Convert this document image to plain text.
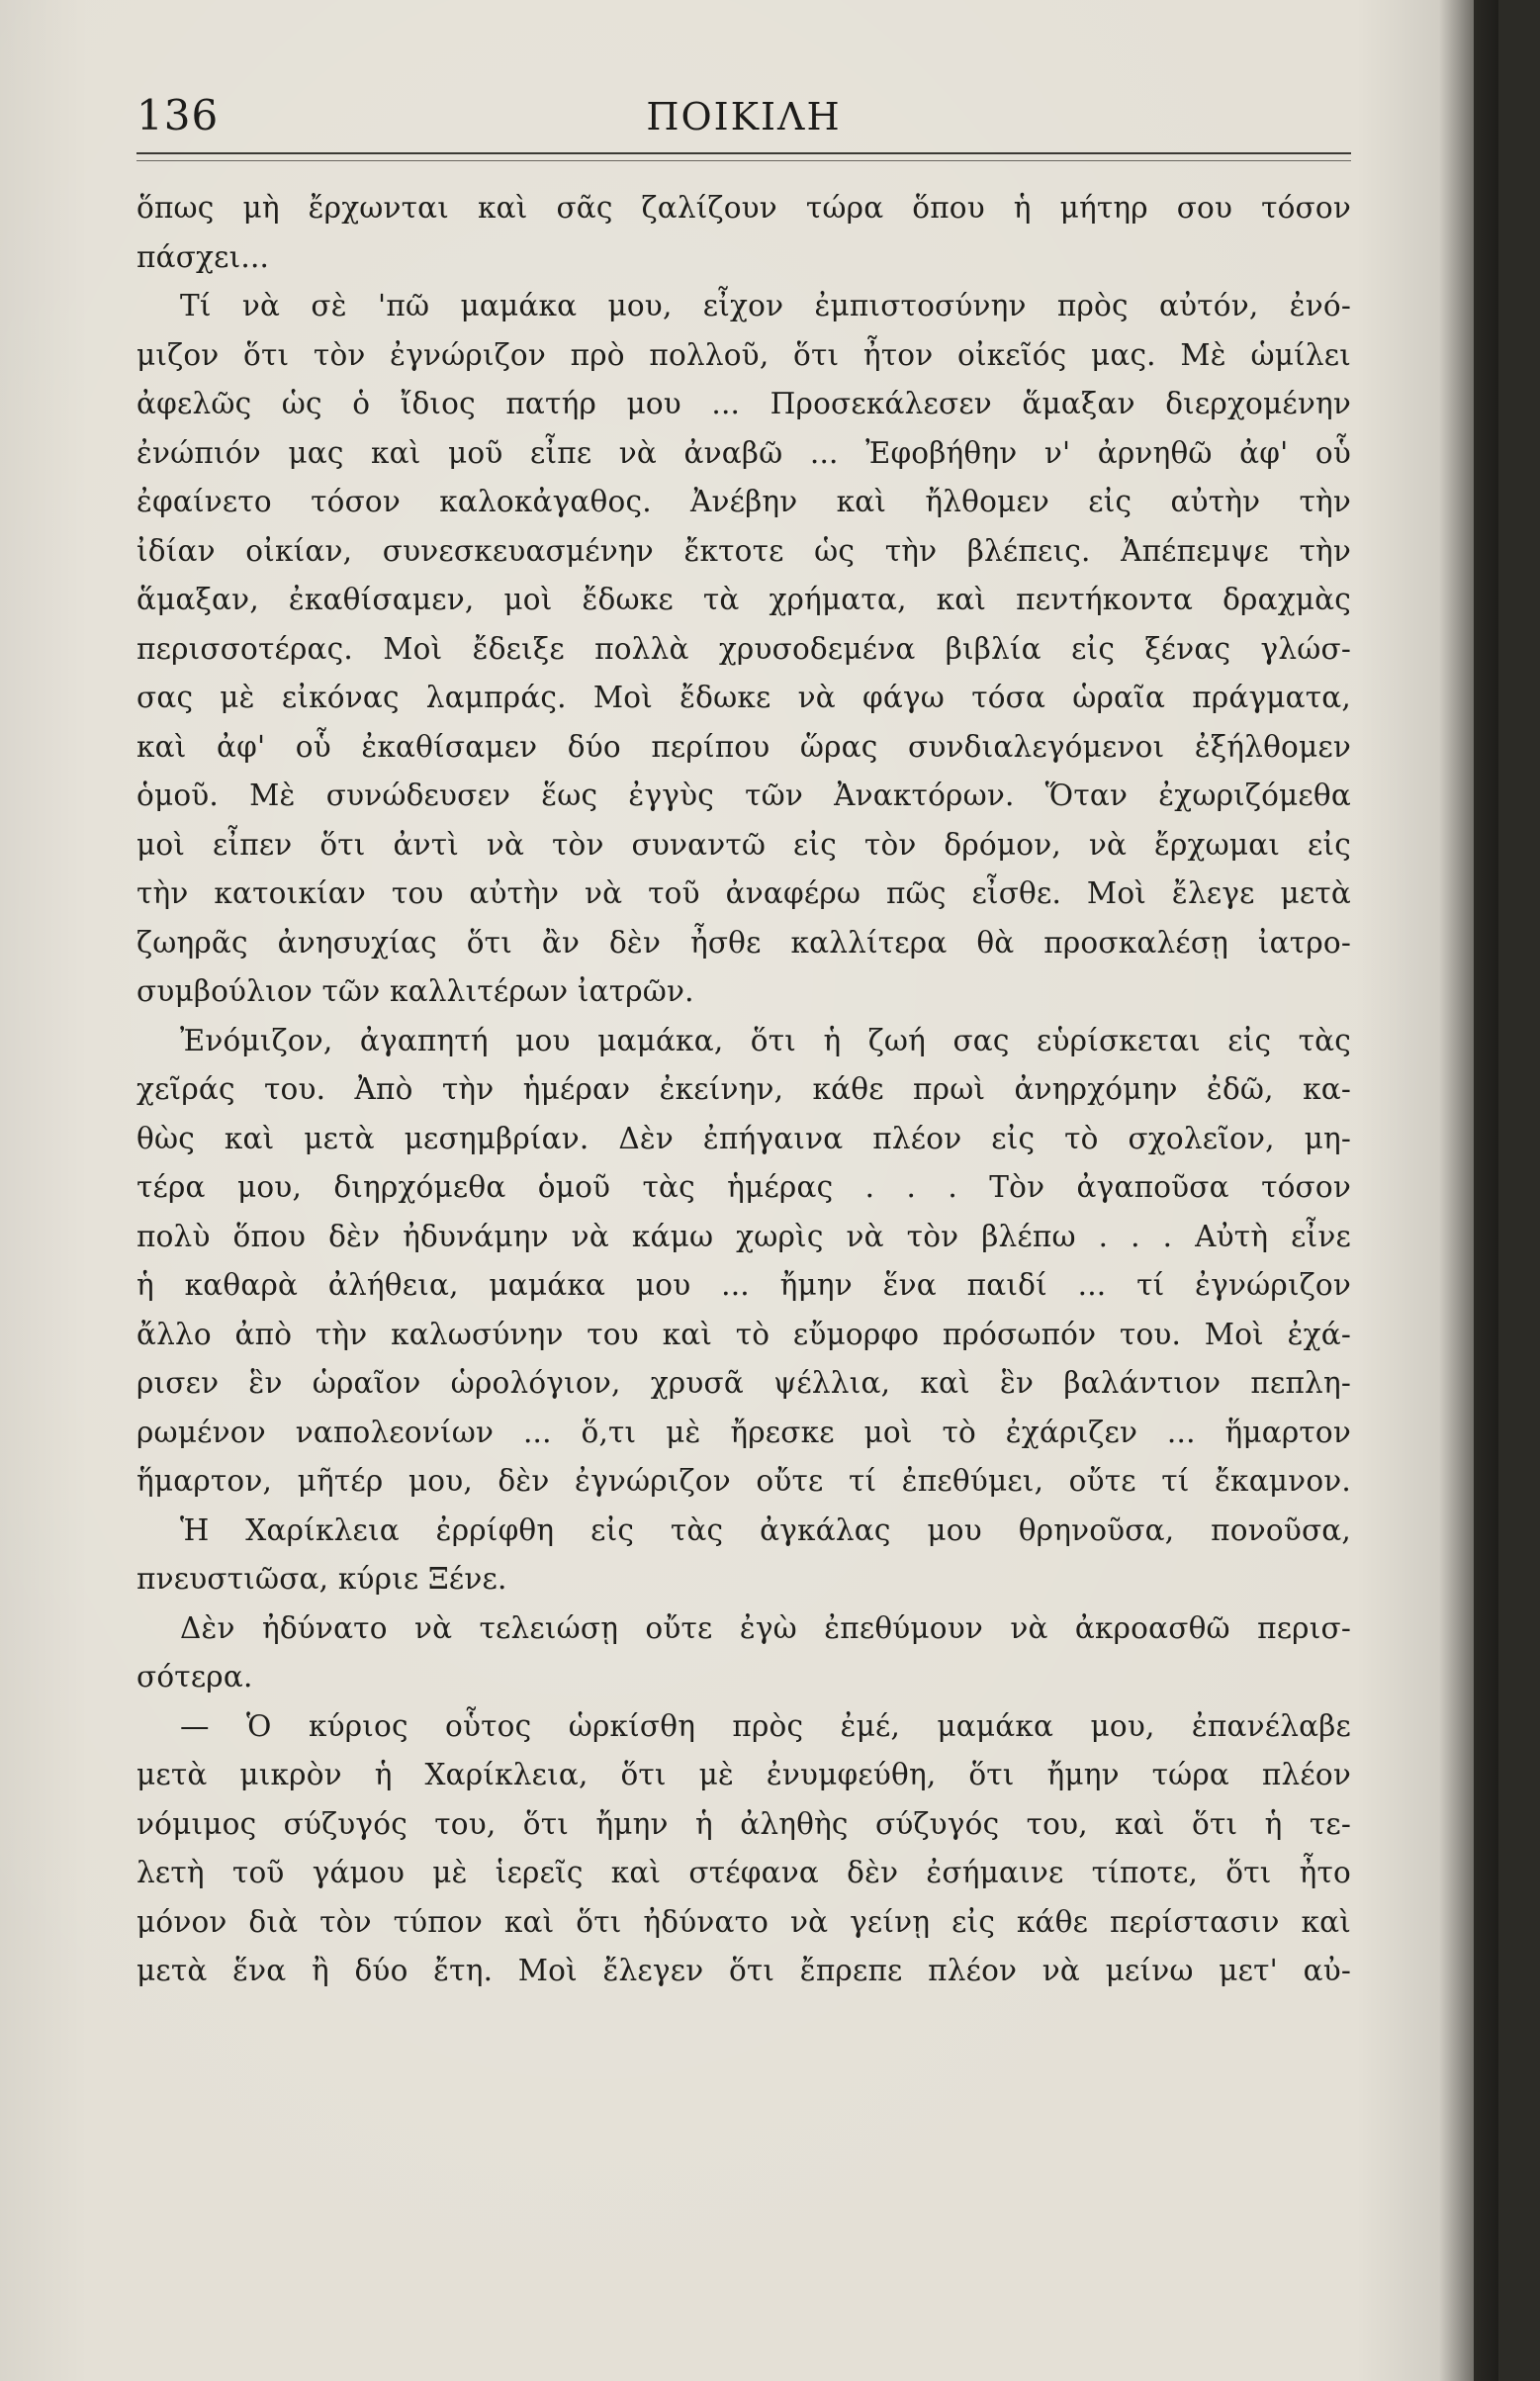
136	ΠΟΙΚΙΛΗ
ὅπως μὴ ἔρχωνται καὶ σᾶς ζαλίζουν τώρα ὅπου ἡ μήτηρ σου τόσον
πάσχει...
Τί νὰ σὲ 'πῶ μαμάκα μου, εἶχον ἐμπιστοσύνην πρὸς αὐτόν, ἐνό-
μιζον ὅτι τὸν ἐγνώριζον πρὸ πολλοῦ, ὅτι ἦτον οἰκεῖός μας. Μὲ ὡμίλει
ἀφελῶς ὡς ὁ ἴδιος πατήρ μου ... Προσεκάλεσεν ἅμαξαν διερχομένην
ἐνώπιόν μας καὶ μοῦ εἶπε νὰ ἀναβῶ ... Ἐφοβήθην ν' ἀρνηθῶ ἀφ' οὗ
ἐφαίνετο τόσον καλοκἀγαθος. Ἀνέβην καὶ ἤλθομεν εἰς αὐτὴν τὴν
ἰδίαν οἰκίαν, συνεσκευασμένην ἔκτοτε ὡς τὴν βλέπεις. Ἀπέπεμψε τὴν
ἅμαξαν, ἐκαθίσαμεν, μοὶ ἔδωκε τὰ χρήματα, καὶ πεντήκοντα δραχμὰς
περισσοτέρας. Μοὶ ἔδειξε πολλὰ χρυσοδεμένα βιβλία εἰς ξένας γλώσ-
σας μὲ εἰκόνας λαμπράς. Μοὶ ἔδωκε νὰ φάγω τόσα ὡραῖα πράγματα,
καὶ ἀφ' οὗ ἐκαθίσαμεν δύο περίπου ὥρας συνδιαλεγόμενοι ἐξήλθομεν
ὁμοῦ. Μὲ συνώδευσεν ἕως ἐγγὺς τῶν Ἀνακτόρων. Ὅταν ἐχωριζόμεθα
μοὶ εἶπεν ὅτι ἀντὶ νὰ τὸν συναντῶ εἰς τὸν δρόμον, νὰ ἔρχωμαι εἰς
τὴν κατοικίαν του αὐτὴν νὰ τοῦ ἀναφέρω πῶς εἶσθε. Μοὶ ἔλεγε μετὰ
ζωηρᾶς ἀνησυχίας ὅτι ἂν δὲν ἦσθε καλλίτερα θὰ προσκαλέσῃ ἰατρο-
συμβούλιον τῶν καλλιτέρων ἰατρῶν.
Ἐνόμιζον, ἀγαπητή μου μαμάκα, ὅτι ἡ ζωή σας εὑρίσκεται εἰς τὰς
χεῖράς του. Ἀπὸ τὴν ἡμέραν ἐκείνην, κάθε πρωὶ ἀνηρχόμην ἐδῶ, κα-
θὼς καὶ μετὰ μεσημβρίαν. Δὲν ἐπήγαινα πλέον εἰς τὸ σχολεῖον, μη-
τέρα μου, διηρχόμεθα ὁμοῦ τὰς ἡμέρας . . . Τὸν ἀγαποῦσα τόσον
πολὺ ὅπου δὲν ἠδυνάμην νὰ κάμω χωρὶς νὰ τὸν βλέπω . . . Αὐτὴ εἶνε
ἡ καθαρὰ ἀλήθεια, μαμάκα μου ... ἤμην ἕνα παιδί ... τί ἐγνώριζον
ἄλλο ἀπὸ τὴν καλωσύνην του καὶ τὸ εὔμορφο πρόσωπόν του. Μοὶ ἐχά-
ρισεν ἓν ὡραῖον ὡρολόγιον, χρυσᾶ ψέλλια, καὶ ἓν βαλάντιον πεπλη-
ρωμένον ναπολεονίων ... ὅ,τι μὲ ἤρεσκε μοὶ τὸ ἐχάριζεν ... ἥμαρτον
ἥμαρτον, μῆτέρ μου, δὲν ἐγνώριζον οὔτε τί ἐπεθύμει, οὔτε τί ἔκαμνον.
Ἡ Χαρίκλεια ἐρρίφθη εἰς τὰς ἀγκάλας μου θρηνοῦσα, πονοῦσα,
πνευστιῶσα, κύριε Ξένε.
Δὲν ἠδύνατο νὰ τελειώσῃ οὔτε ἐγὼ ἐπεθύμουν νὰ ἀκροασθῶ περισ-
σότερα.
— Ὁ κύριος οὗτος ὡρκίσθη πρὸς ἐμέ, μαμάκα μου, ἐπανέλαβε
μετὰ μικρὸν ἡ Χαρίκλεια, ὅτι μὲ ἐνυμφεύθη, ὅτι ἤμην τώρα πλέον
νόμιμος σύζυγός του, ὅτι ἤμην ἡ ἀληθὴς σύζυγός του, καὶ ὅτι ἡ τε-
λετὴ τοῦ γάμου μὲ ἱερεῖς καὶ στέφανα δὲν ἐσήμαινε τίποτε, ὅτι ἦτο
μόνον διὰ τὸν τύπον καὶ ὅτι ἠδύνατο νὰ γείνῃ εἰς κάθε περίστασιν καὶ
μετὰ ἕνα ἢ δύο ἔτη. Μοὶ ἔλεγεν ὅτι ἔπρεπε πλέον νὰ μείνω μετ' αὐ-
